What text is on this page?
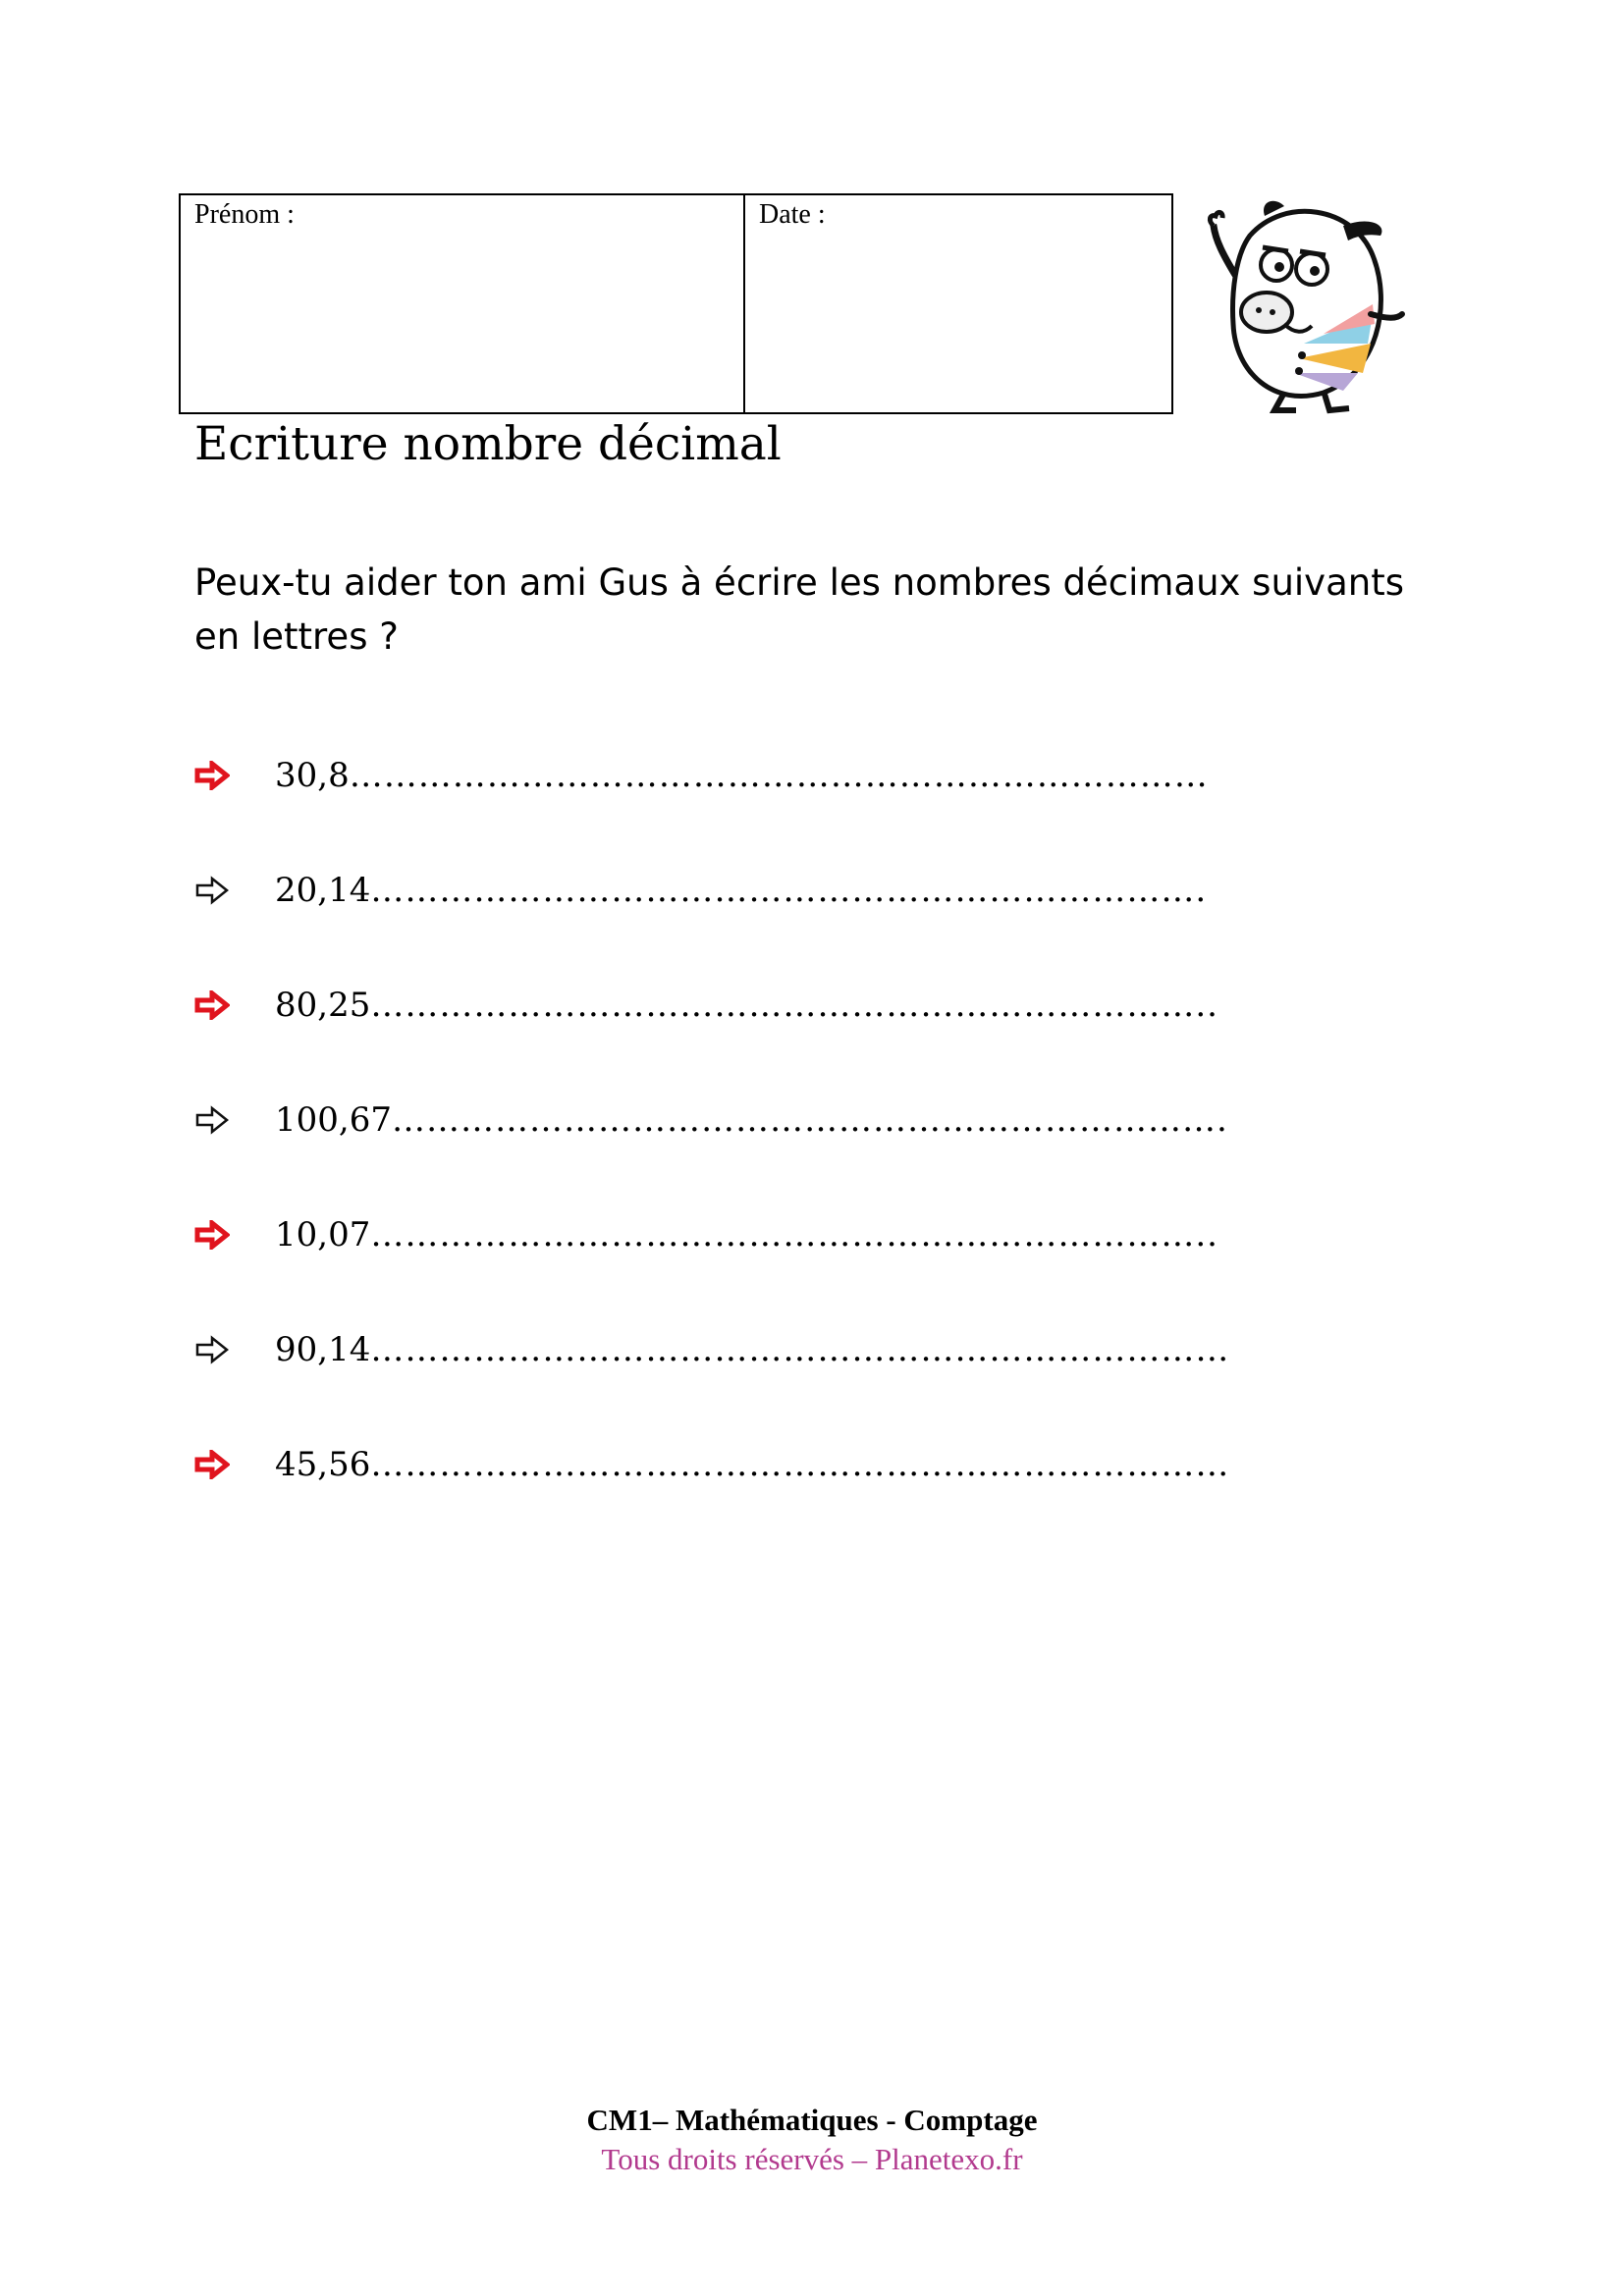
Prénom :	Date :
Ecriture nombre décimal

Peux-tu aider ton ami Gus à écrire les nombres décimaux suivants en lettres ?

30,8 …………………………………………………………………
20,14 ……………………………………………………………….
80,25 ………………………………………………………………..
100,67 ……………………………………………………………….
10,07 ………………………………………………………………..
90,14 …………………………………………………………………
45,56 …………………………………………………………………
CM1– Mathématiques - Comptage
Tous droits réservés – Planetexo.fr
